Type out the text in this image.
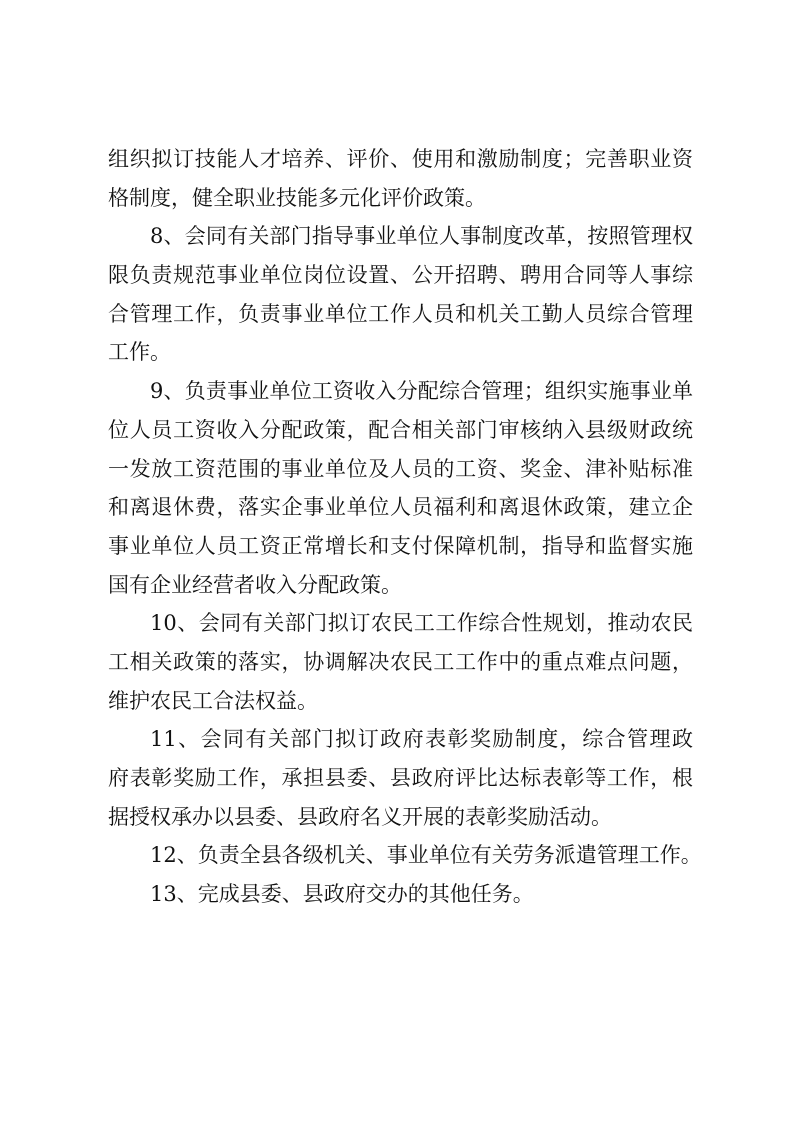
组织拟订技能人才培养、评价、使用和激励制度；完善职业资
格制度，健全职业技能多元化评价政策。
8、会同有关部门指导事业单位人事制度改革，按照管理权
限负责规范事业单位岗位设置、公开招聘、聘用合同等人事综
合管理工作，负责事业单位工作人员和机关工勤人员综合管理
工作。
9、负责事业单位工资收入分配综合管理；组织实施事业单
位人员工资收入分配政策，配合相关部门审核纳入县级财政统
一发放工资范围的事业单位及人员的工资、奖金、津补贴标准
和离退休费，落实企事业单位人员福利和离退休政策，建立企
事业单位人员工资正常增长和支付保障机制，指导和监督实施
国有企业经营者收入分配政策。
10、会同有关部门拟订农民工工作综合性规划，推动农民
工相关政策的落实，协调解决农民工工作中的重点难点问题，
维护农民工合法权益。
11、会同有关部门拟订政府表彰奖励制度，综合管理政
府表彰奖励工作，承担县委、县政府评比达标表彰等工作，根
据授权承办以县委、县政府名义开展的表彰奖励活动。
12、负责全县各级机关、事业单位有关劳务派遣管理工作。
13、完成县委、县政府交办的其他任务。
